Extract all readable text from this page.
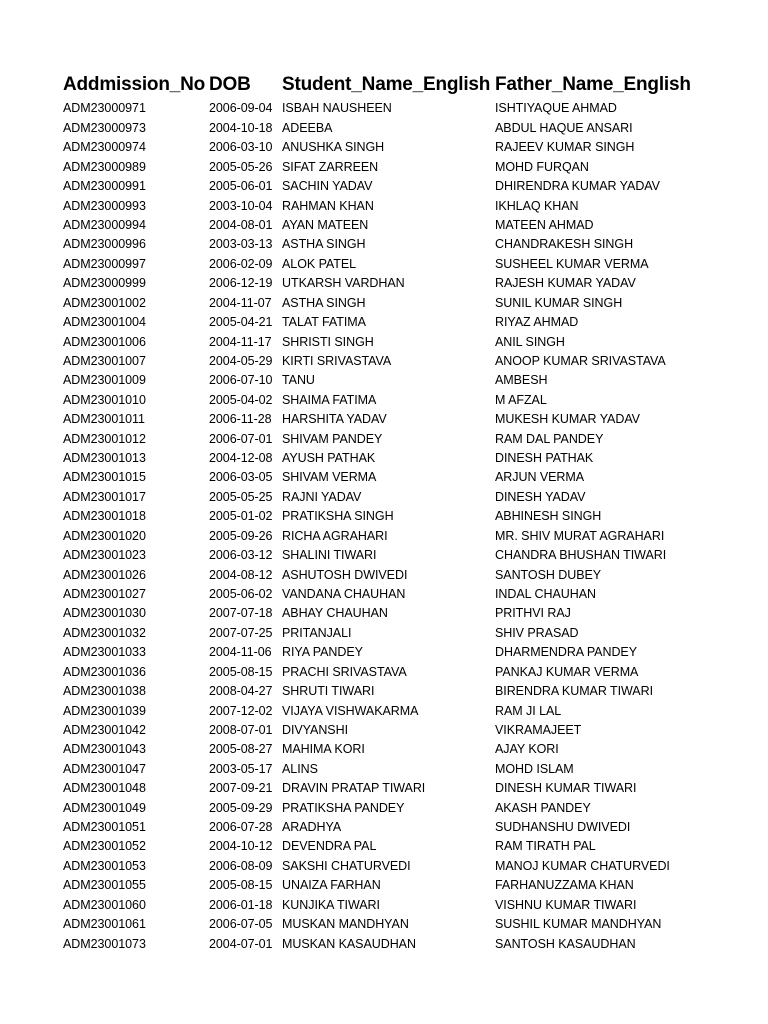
Addmission_No DOB	Student_Name_English Father_Name_English
ADM23000971	2006-09-04 ISBAH NAUSHEEN	ISHTIYAQUE AHMAD
ADM23000973	2004-10-18 ADEEBA	ABDUL HAQUE ANSARI
ADM23000974	2006-03-10 ANUSHKA SINGH	RAJEEV KUMAR SINGH
ADM23000989	2005-05-26 SIFAT ZARREEN	MOHD FURQAN
ADM23000991	2005-06-01 SACHIN YADAV	DHIRENDRA KUMAR YADAV
ADM23000993	2003-10-04 RAHMAN KHAN	IKHLAQ KHAN
ADM23000994	2004-08-01 AYAN MATEEN	MATEEN AHMAD
ADM23000996	2003-03-13 ASTHA SINGH	CHANDRAKESH SINGH
ADM23000997	2006-02-09 ALOK PATEL	SUSHEEL KUMAR VERMA
ADM23000999	2006-12-19 UTKARSH VARDHAN	RAJESH KUMAR YADAV
ADM23001002	2004-11-07 ASTHA SINGH	SUNIL KUMAR SINGH
ADM23001004	2005-04-21 TALAT FATIMA	RIYAZ AHMAD
ADM23001006	2004-11-17 SHRISTI SINGH	ANIL SINGH
ADM23001007	2004-05-29 KIRTI SRIVASTAVA	ANOOP KUMAR SRIVASTAVA
ADM23001009	2006-07-10 TANU	AMBESH
ADM23001010	2005-04-02 SHAIMA FATIMA	M AFZAL
ADM23001011	2006-11-28 HARSHITA YADAV	MUKESH KUMAR YADAV
ADM23001012	2006-07-01 SHIVAM PANDEY	RAM DAL PANDEY
ADM23001013	2004-12-08 AYUSH PATHAK	DINESH PATHAK
ADM23001015	2006-03-05 SHIVAM VERMA	ARJUN VERMA
ADM23001017	2005-05-25 RAJNI YADAV	DINESH YADAV
ADM23001018	2005-01-02 PRATIKSHA SINGH	ABHINESH SINGH
ADM23001020	2005-09-26 RICHA AGRAHARI	MR. SHIV MURAT AGRAHARI
ADM23001023	2006-03-12 SHALINI TIWARI	CHANDRA BHUSHAN TIWARI
ADM23001026	2004-08-12 ASHUTOSH DWIVEDI	SANTOSH DUBEY
ADM23001027	2005-06-02 VANDANA CHAUHAN	INDAL CHAUHAN
ADM23001030	2007-07-18 ABHAY CHAUHAN	PRITHVI RAJ
ADM23001032	2007-07-25 PRITANJALI	SHIV PRASAD
ADM23001033	2004-11-06 RIYA PANDEY	DHARMENDRA PANDEY
ADM23001036	2005-08-15 PRACHI SRIVASTAVA	PANKAJ KUMAR VERMA
ADM23001038	2008-04-27 SHRUTI TIWARI	BIRENDRA KUMAR TIWARI
ADM23001039	2007-12-02 VIJAYA VISHWAKARMA	RAM JI LAL
ADM23001042	2008-07-01 DIVYANSHI	VIKRAMAJEET
ADM23001043	2005-08-27 MAHIMA KORI	AJAY KORI
ADM23001047	2003-05-17 ALINS	MOHD ISLAM
ADM23001048	2007-09-21 DRAVIN PRATAP TIWARI	DINESH KUMAR TIWARI
ADM23001049	2005-09-29 PRATIKSHA PANDEY	AKASH PANDEY
ADM23001051	2006-07-28 ARADHYA	SUDHANSHU DWIVEDI
ADM23001052	2004-10-12 DEVENDRA PAL	RAM TIRATH PAL
ADM23001053	2006-08-09 SAKSHI CHATURVEDI	MANOJ KUMAR CHATURVEDI
ADM23001055	2005-08-15 UNAIZA FARHAN	FARHANUZZAMA KHAN
ADM23001060	2006-01-18 KUNJIKA TIWARI	VISHNU KUMAR TIWARI
ADM23001061	2006-07-05 MUSKAN MANDHYAN	SUSHIL KUMAR MANDHYAN
ADM23001073	2004-07-01 MUSKAN KASAUDHAN	SANTOSH KASAUDHAN
